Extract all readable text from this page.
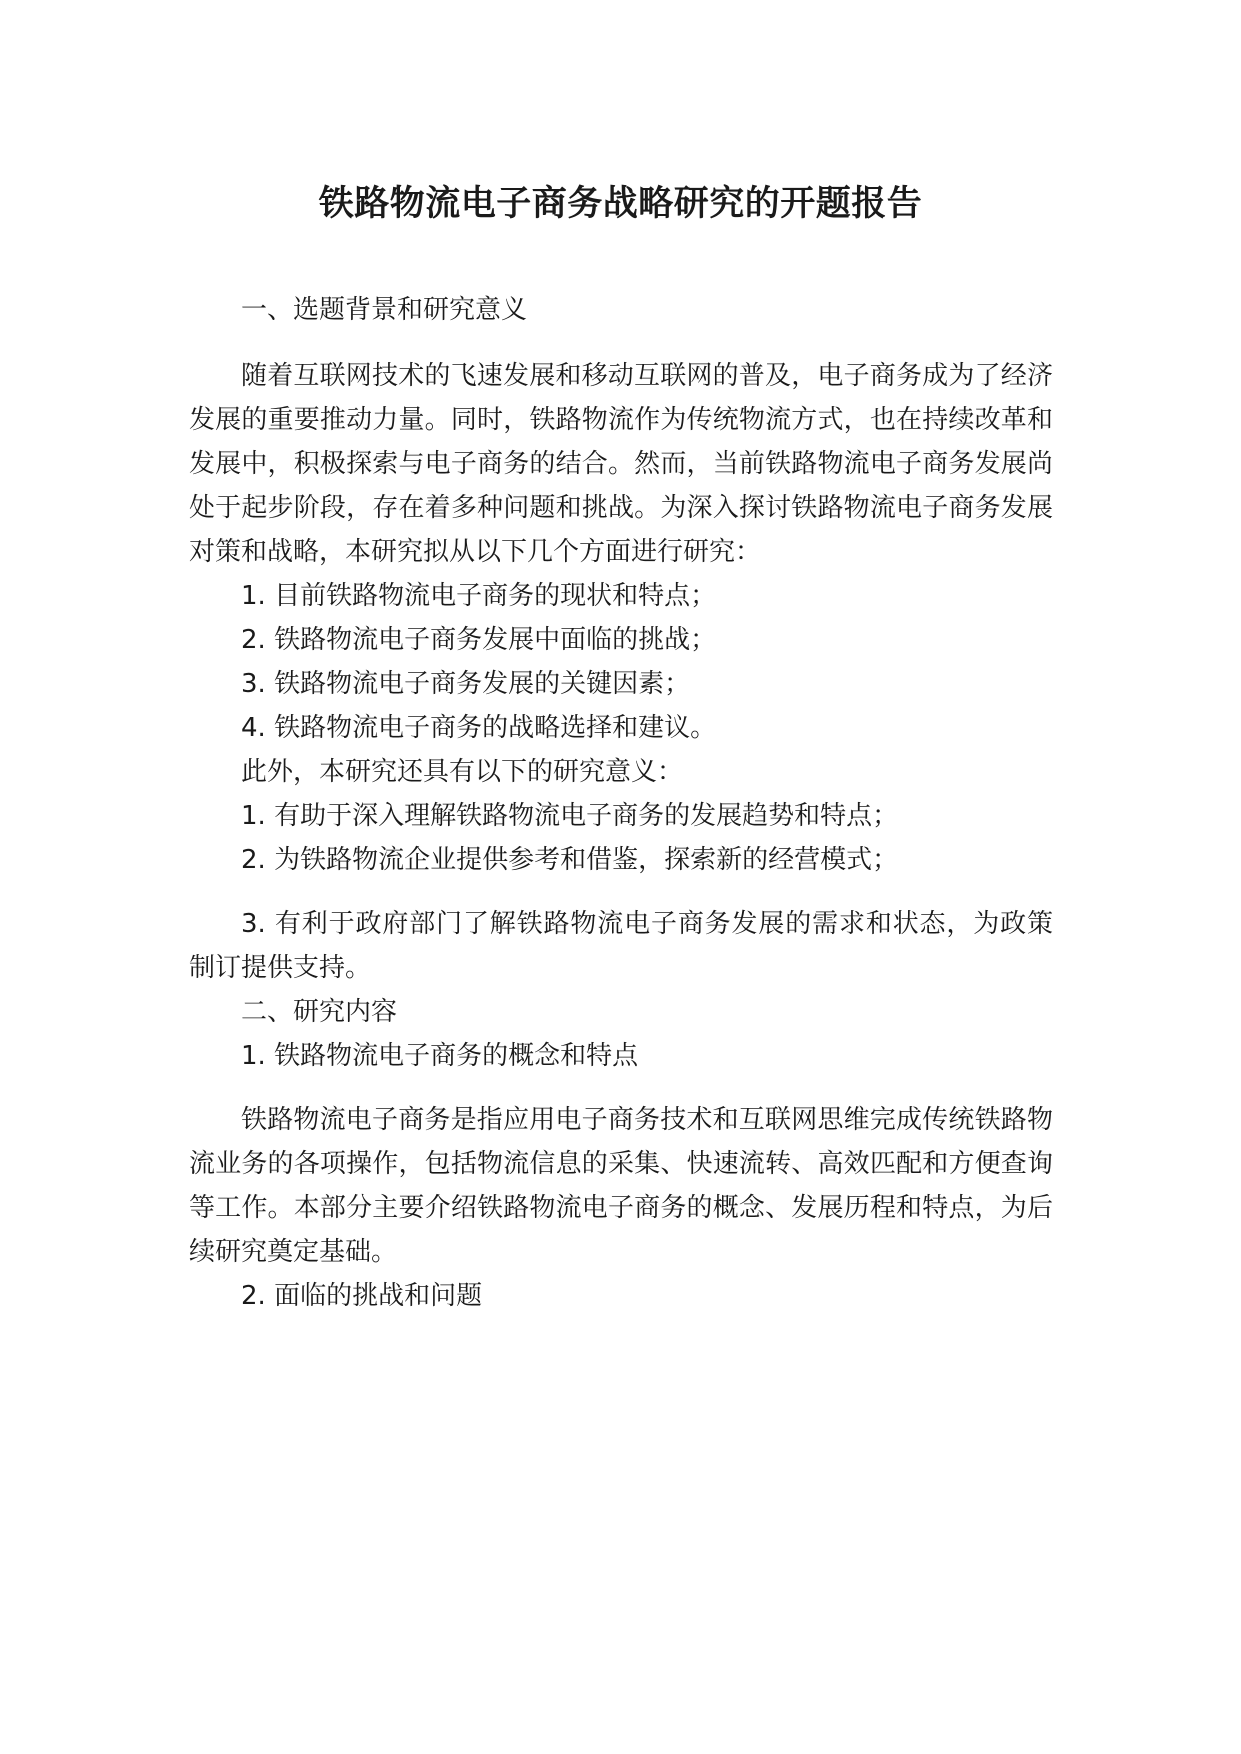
铁路物流电子商务战略研究的开题报告

一、选题背景和研究意义

随着互联网技术的飞速发展和移动互联网的普及，电子商务成为了经济发展的重要推动力量。同时，铁路物流作为传统物流方式，也在持续改革和发展中，积极探索与电子商务的结合。然而，当前铁路物流电子商务发展尚处于起步阶段，存在着多种问题和挑战。为深入探讨铁路物流电子商务发展对策和战略，本研究拟从以下几个方面进行研究：

1. 目前铁路物流电子商务的现状和特点；

2. 铁路物流电子商务发展中面临的挑战；

3. 铁路物流电子商务发展的关键因素；

4. 铁路物流电子商务的战略选择和建议。

此外，本研究还具有以下的研究意义：

1. 有助于深入理解铁路物流电子商务的发展趋势和特点；

2. 为铁路物流企业提供参考和借鉴，探索新的经营模式；

3. 有利于政府部门了解铁路物流电子商务发展的需求和状态，为政策制订提供支持。

二、研究内容

1. 铁路物流电子商务的概念和特点

铁路物流电子商务是指应用电子商务技术和互联网思维完成传统铁路物流业务的各项操作，包括物流信息的采集、快速流转、高效匹配和方便查询等工作。本部分主要介绍铁路物流电子商务的概念、发展历程和特点，为后续研究奠定基础。

2. 面临的挑战和问题
